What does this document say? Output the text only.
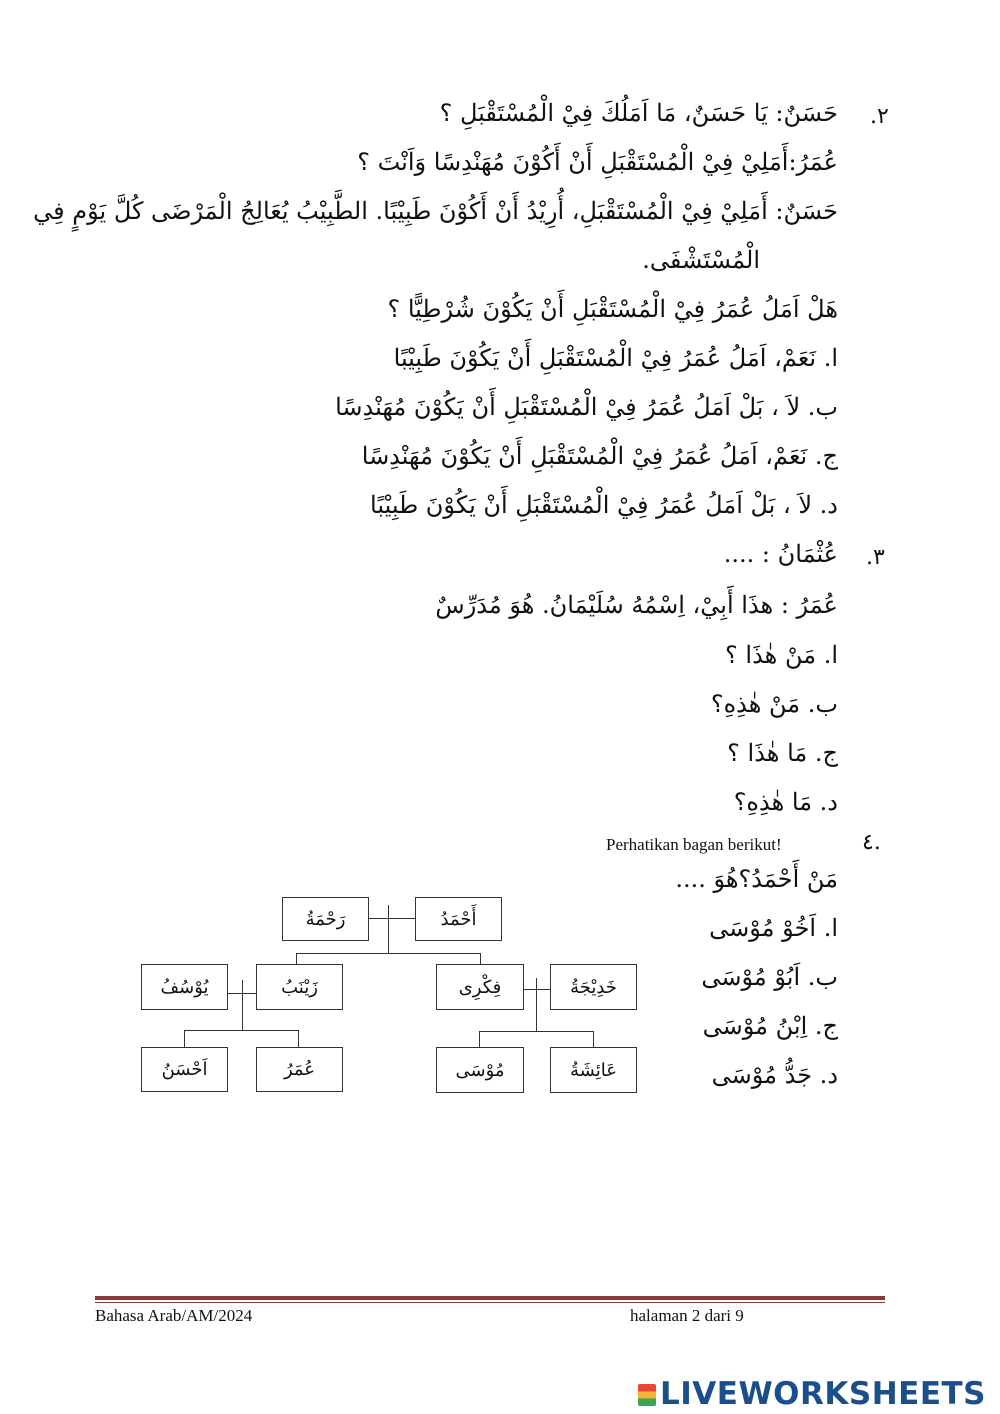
٢.
حَسَنٌ: يَا حَسَنٌ، مَا اَمَلُكَ فِيْ الْمُسْتَقْبَلِ ؟
عُمَرُ:أَمَلِيْ فِيْ الْمُسْتَقْبَلِ أَنْ أَكُوْنَ مُهَنْدِسًا وَاَنْتَ ؟
حَسَنٌ: أَمَلِيْ فِيْ الْمُسْتَقْبَلِ، أُرِيْدُ أَنْ أَكُوْنَ طَبِيْبًا. الطَّبِيْبُ يُعَالِجُ الْمَرْضَى كُلَّ يَوْمٍ فِي
الْمُسْتَشْفَى.
هَلْ اَمَلُ عُمَرُ فِيْ الْمُسْتَقْبَلِ أَنْ يَكُوْنَ شُرْطِيًّا ؟
ا. نَعَمْ، اَمَلُ عُمَرُ فِيْ الْمُسْتَقْبَلِ أَنْ يَكُوْنَ طَبِيْبًا
ب. لاَ ، بَلْ اَمَلُ عُمَرُ فِيْ الْمُسْتَقْبَلِ أَنْ يَكُوْنَ مُهَنْدِسًا
ج. نَعَمْ، اَمَلُ عُمَرُ فِيْ الْمُسْتَقْبَلِ أَنْ يَكُوْنَ مُهَنْدِسًا
د. لاَ ، بَلْ اَمَلُ عُمَرُ فِيْ الْمُسْتَقْبَلِ أَنْ يَكُوْنَ طَبِيْبًا
٣.
عُثْمَانُ : ....
عُمَرُ : هذَا أَبِيْ، اِسْمُهُ سُلَيْمَانُ. هُوَ مُدَرِّسٌ
ا. مَنْ هٰذَا ؟
ب. مَنْ هٰذِهِ؟
ج. مَا هٰذَا ؟
د. مَا هٰذِهِ؟
.٤
Perhatikan bagan berikut!
مَنْ أَحْمَدُ؟هُوَ ....
ا. اَخُوْ مُوْسَى
ب. اَبُوْ مُوْسَى
ج. اِبْنُ مُوْسَى
د. جَدُّ مُوْسَى
رَحْمَةُ	أَحْمَدُ
يُوْسُفُ	زَيْنَبُ	فِكْرِى	خَدِيْجَةُ
اَحْسَنُ	عُمَرُ	مُوْسَى	عَائِشَةُ
Bahasa Arab/AM/2024	halaman 2 dari 9
LIVEWORKSHEETS
